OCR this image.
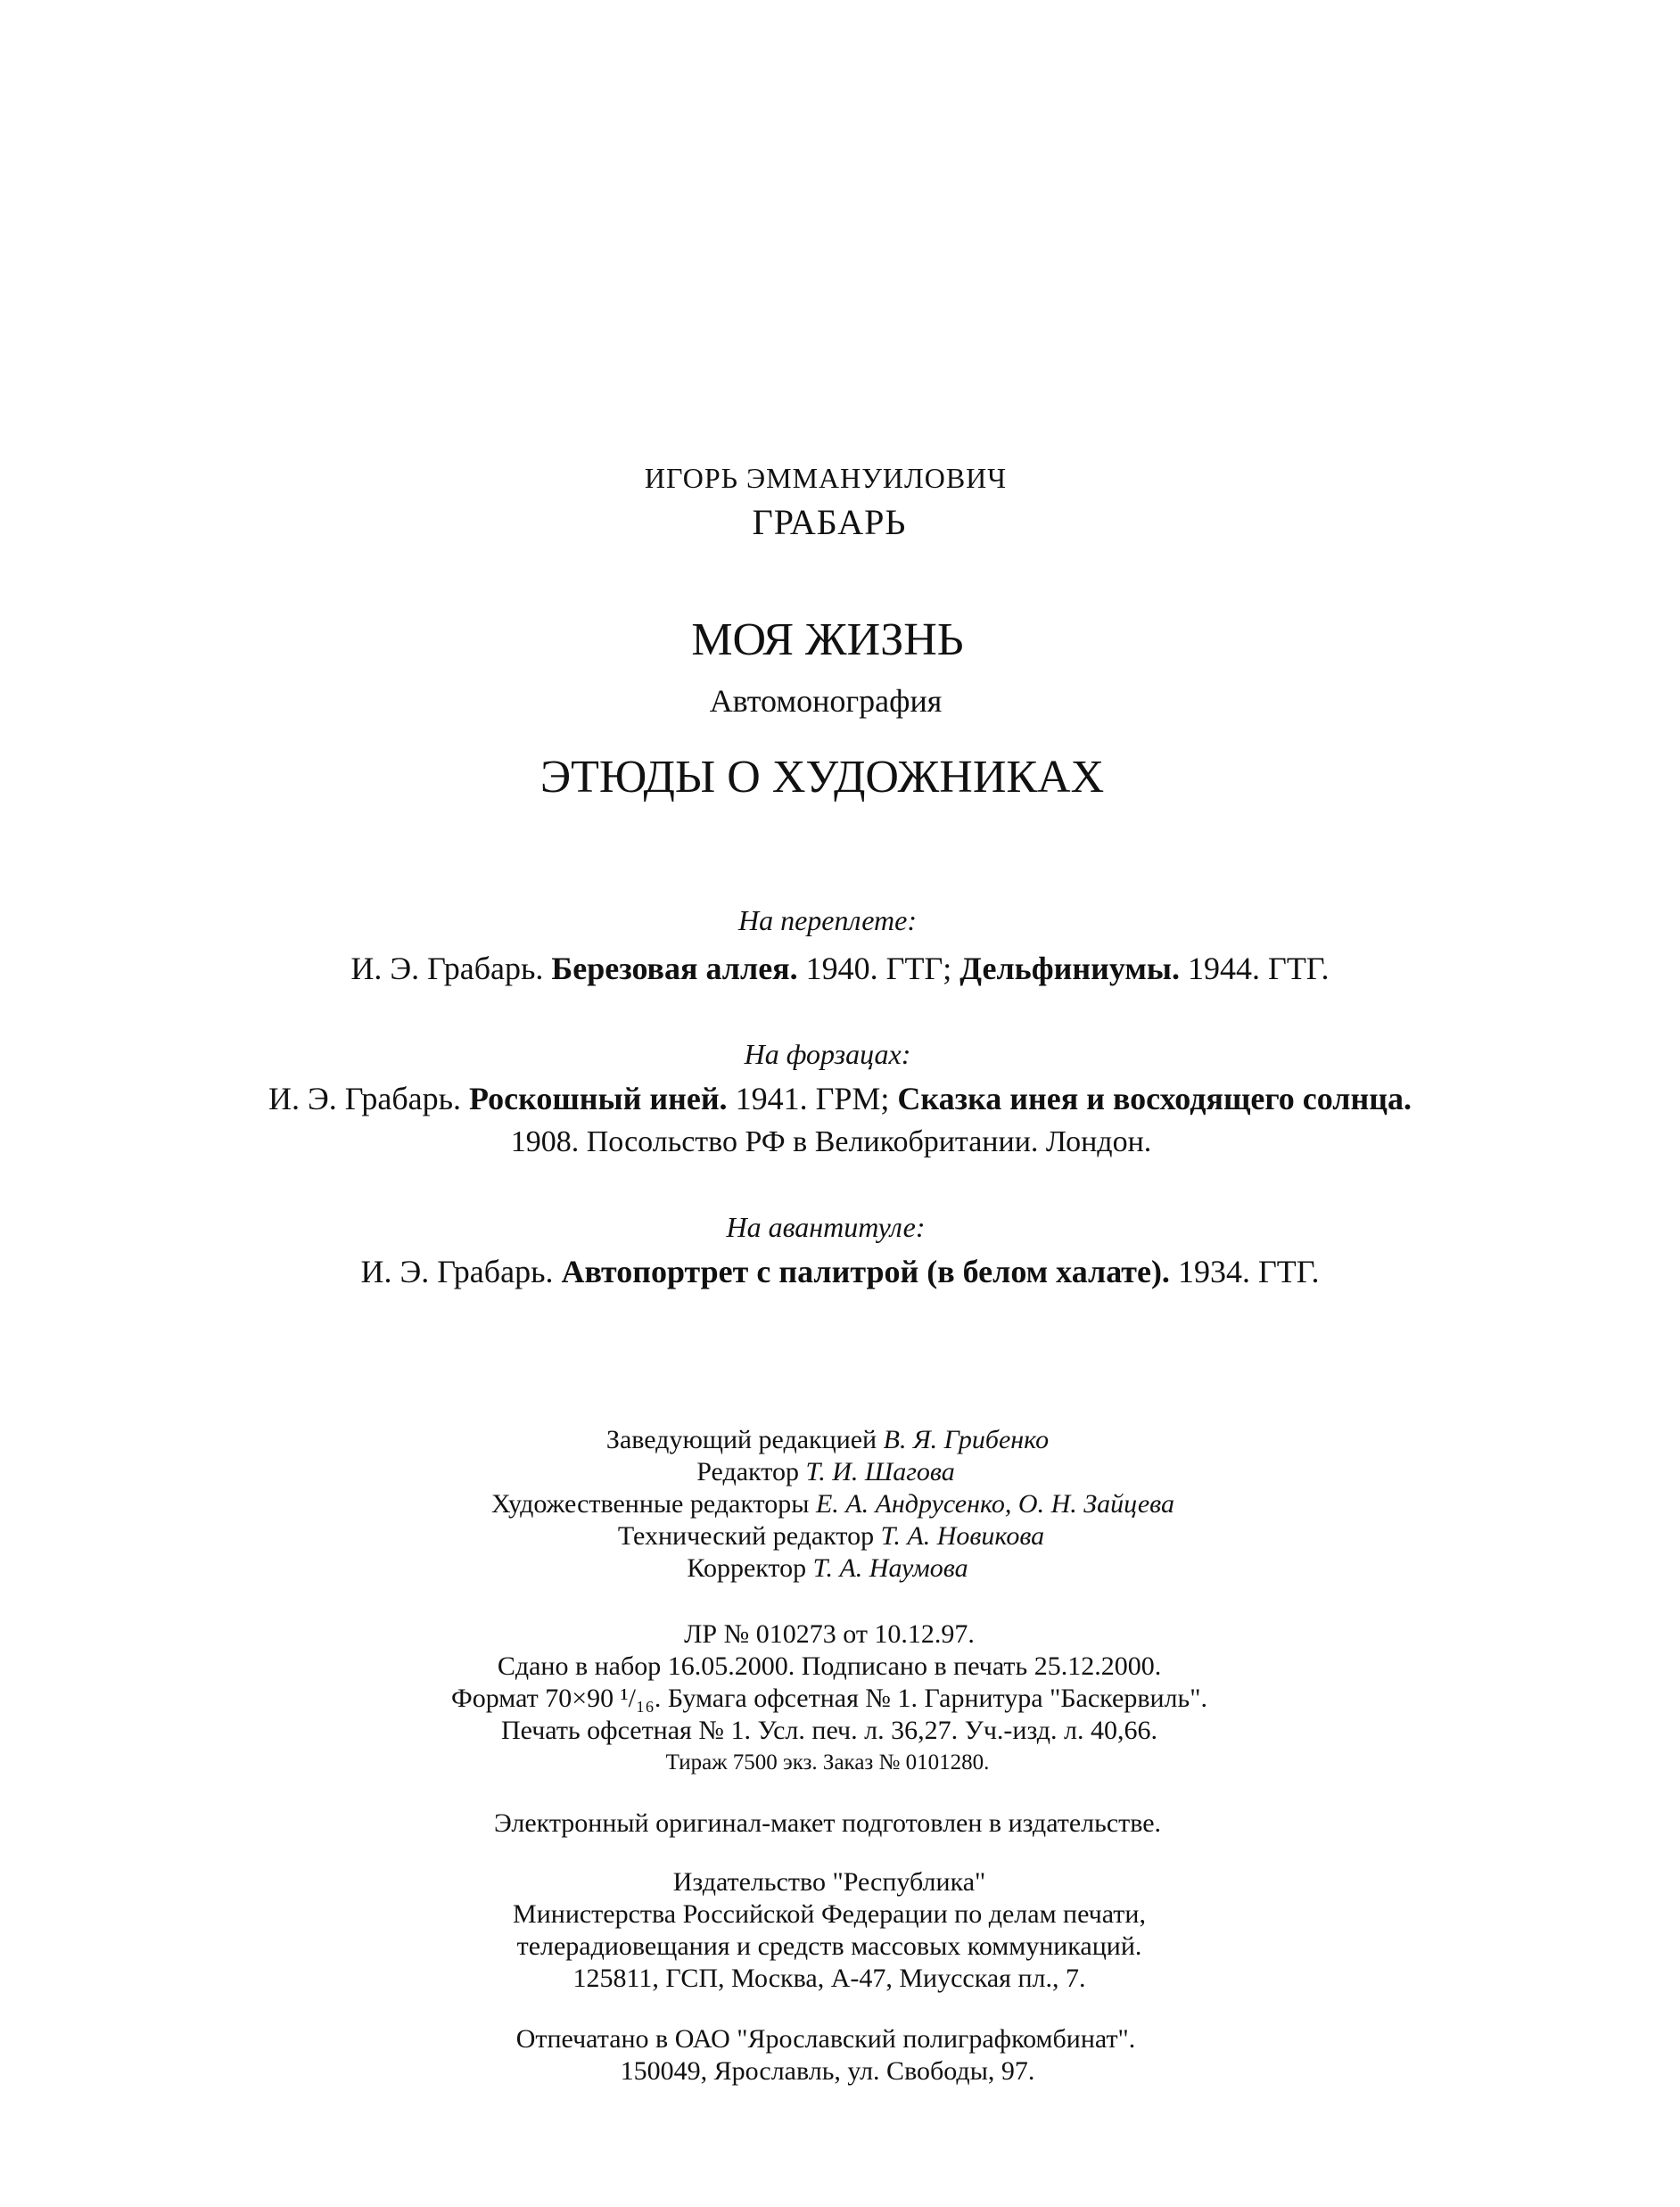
ИГОРЬ ЭММАНУИЛОВИЧ
ГРАБАРЬ
МОЯ ЖИЗНЬ
Автомонография
ЭТЮДЫ О ХУДОЖНИКАХ
На переплете:
И. Э. Грабарь. Березовая аллея. 1940. ГТГ; Дельфиниумы. 1944. ГТГ.
На форзацах:
И. Э. Грабарь. Роскошный иней. 1941. ГРМ; Сказка инея и восходящего солнца.
1908. Посольство РФ в Великобритании. Лондон.
На авантитуле:
И. Э. Грабарь. Автопортрет с палитрой (в белом халате). 1934. ГТГ.
Заведующий редакцией В. Я. Грибенко
Редактор Т. И. Шагова
Художественные редакторы Е. А. Андрусенко, О. Н. Зайцева
Технический редактор Т. А. Новикова
Корректор Т. А. Наумова
ЛР № 010273 от 10.12.97.
Сдано в набор 16.05.2000. Подписано в печать 25.12.2000.
Формат 70×90 ¹/₁₆. Бумага офсетная № 1. Гарнитура "Баскервиль".
Печать офсетная № 1. Усл. печ. л. 36,27. Уч.-изд. л. 40,66.
Тираж 7500 экз. Заказ № 0101280.
Электронный оригинал-макет подготовлен в издательстве.
Издательство "Республика"
Министерства Российской Федерации по делам печати,
телерадиовещания и средств массовых коммуникаций.
125811, ГСП, Москва, А-47, Миусская пл., 7.
Отпечатано в ОАО "Ярославский полиграфкомбинат".
150049, Ярославль, ул. Свободы, 97.
